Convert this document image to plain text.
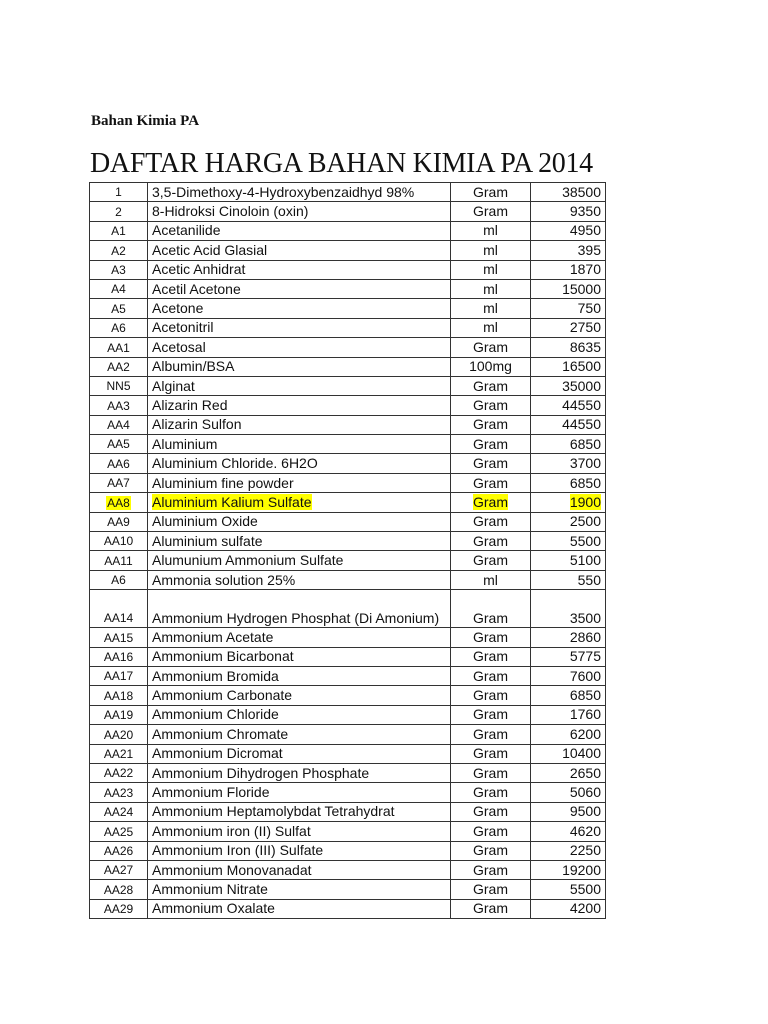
Bahan Kimia PA
DAFTAR HARGA BAHAN KIMIA PA 2014
1	3,5-Dimethoxy-4-Hydroxybenzaidhyd 98%	Gram	38500
2	8-Hidroksi Cinoloin (oxin)	Gram	9350
A1	Acetanilide	ml	4950
A2	Acetic Acid Glasial	ml	395
A3	Acetic Anhidrat	ml	1870
A4	Acetil Acetone	ml	15000
A5	Acetone	ml	750
A6	Acetonitril	ml	2750
AA1	Acetosal	Gram	8635
AA2	Albumin/BSA	100mg	16500
NN5	Alginat	Gram	35000
AA3	Alizarin Red	Gram	44550
AA4	Alizarin Sulfon	Gram	44550
AA5	Aluminium	Gram	6850
AA6	Aluminium Chloride. 6H2O	Gram	3700
AA7	Aluminium fine powder	Gram	6850
AA8	Aluminium Kalium Sulfate	Gram	1900
AA9	Aluminium Oxide	Gram	2500
AA10	Aluminium sulfate	Gram	5500
AA11	Alumunium Ammonium Sulfate	Gram	5100
A6	Ammonia solution 25%	ml	550
AA14	Ammonium Hydrogen Phosphat (Di Amonium)	Gram	3500
AA15	Ammonium Acetate	Gram	2860
AA16	Ammonium Bicarbonat	Gram	5775
AA17	Ammonium Bromida	Gram	7600
AA18	Ammonium Carbonate	Gram	6850
AA19	Ammonium Chloride	Gram	1760
AA20	Ammonium Chromate	Gram	6200
AA21	Ammonium Dicromat	Gram	10400
AA22	Ammonium Dihydrogen Phosphate	Gram	2650
AA23	Ammonium Floride	Gram	5060
AA24	Ammonium Heptamolybdat Tetrahydrat	Gram	9500
AA25	Ammonium iron (II) Sulfat	Gram	4620
AA26	Ammonium Iron (III) Sulfate	Gram	2250
AA27	Ammonium Monovanadat	Gram	19200
AA28	Ammonium Nitrate	Gram	5500
AA29	Ammonium Oxalate	Gram	4200
